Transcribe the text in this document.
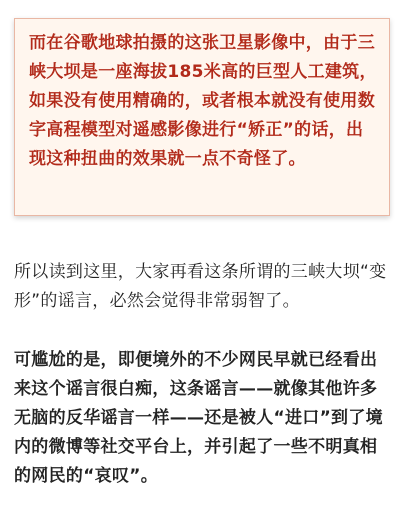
而在谷歌地球拍摄的这张卫星影像中，由于三峡大坝是一座海拔185米高的巨型人工建筑，如果没有使用精确的，或者根本就没有使用数字高程模型对遥感影像进行“矫正”的话，出现这种扭曲的效果就一点不奇怪了。

所以读到这里，大家再看这条所谓的三峡大坝“变形”的谣言，必然会觉得非常弱智了。

可尴尬的是，即便境外的不少网民早就已经看出来这个谣言很白痴，这条谣言——就像其他许多无脑的反华谣言一样——还是被人“进口”到了境内的微博等社交平台上，并引起了一些不明真相的网民的“哀叹”。
